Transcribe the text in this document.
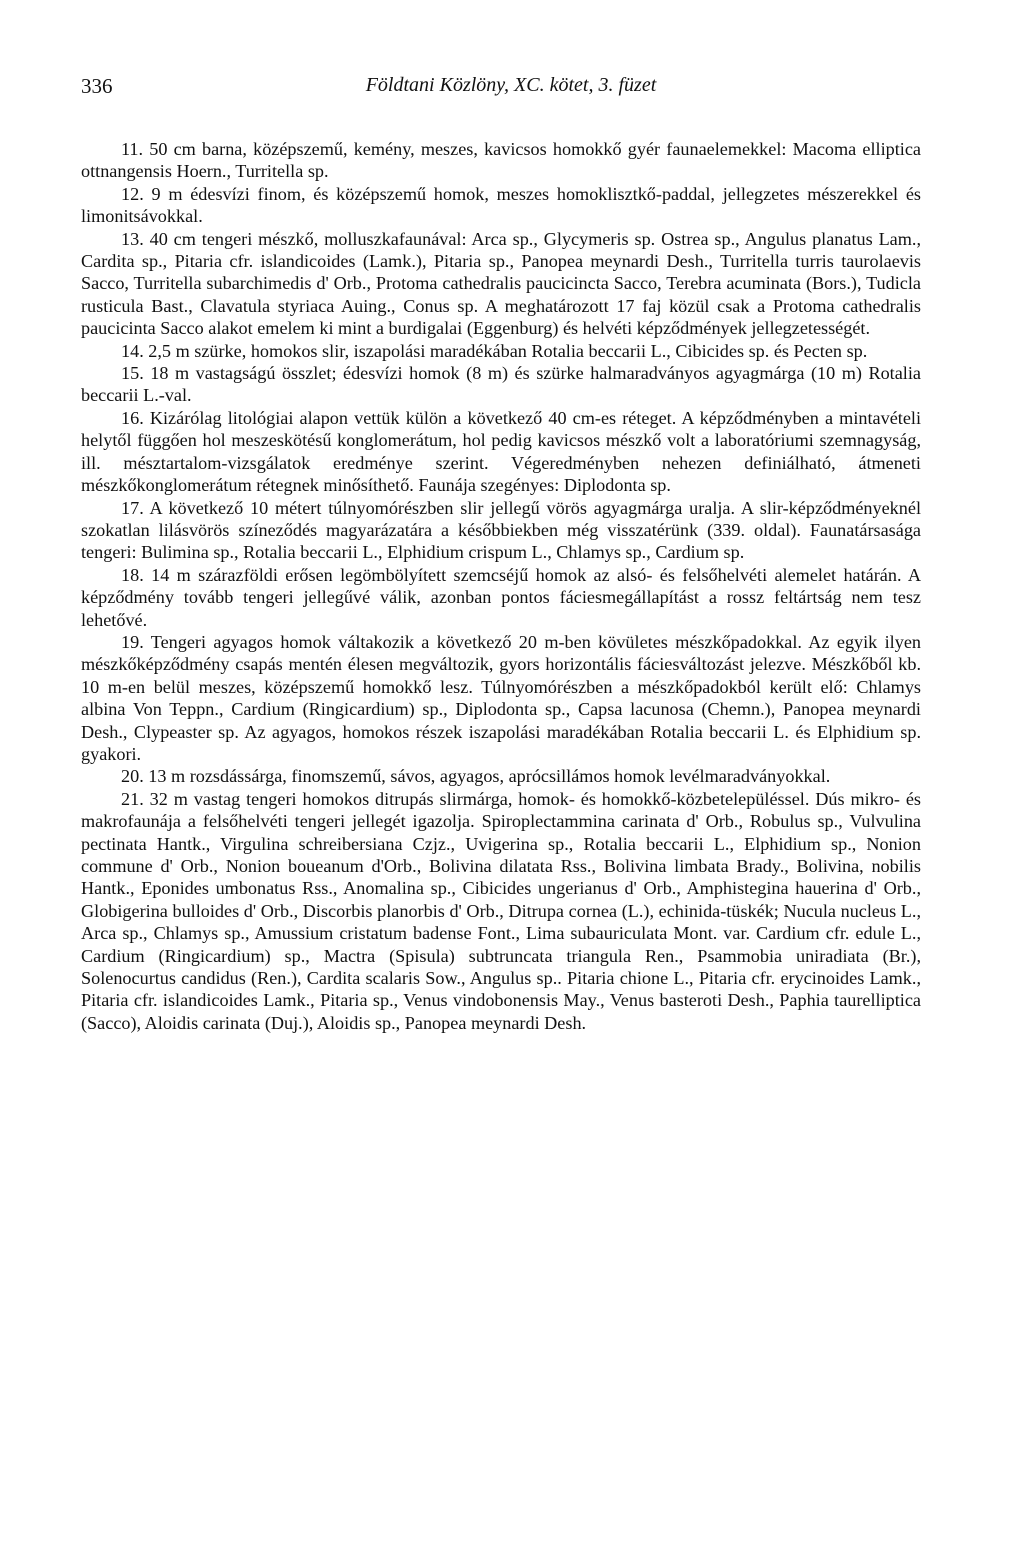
336	Földtani Közlöny, XC. kötet, 3. füzet

11. 50 cm barna, középszemű, kemény, meszes, kavicsos homokkő gyér faunaelemekkel: Macoma elliptica ottnangensis Hoern., Turritella sp.

12. 9 m édesvízi finom, és középszemű homok, meszes homoklisztkő-paddal, jellegzetes mészerekkel és limonitsávokkal.

13. 40 cm tengeri mészkő, molluszkafaunával: Arca sp., Glycymeris sp. Ostrea sp., Angulus planatus Lam., Cardita sp., Pitaria cfr. islandicoides (Lamk.), Pitaria sp., Panopea meynardi Desh., Turritella turris taurolaevis Sacco, Turritella subarchimedis d' Orb., Protoma cathedralis paucicincta Sacco, Terebra acuminata (Bors.), Tudicla rusticula Bast., Clavatula styriaca Auing., Conus sp. A meghatározott 17 faj közül csak a Protoma cathedralis paucicinta Sacco alakot emelem ki mint a burdigalai (Eggenburg) és helvéti képződmények jellegzetességét.

14. 2,5 m szürke, homokos slir, iszapolási maradékában Rotalia beccarii L., Cibicides sp. és Pecten sp.

15. 18 m vastagságú összlet; édesvízi homok (8 m) és szürke halmaradványos agyagmárga (10 m) Rotalia beccarii L.-val.

16. Kizárólag litológiai alapon vettük külön a következő 40 cm-es réteget. A képződményben a mintavételi helytől függően hol meszeskötésű konglomerátum, hol pedig kavicsos mészkő volt a laboratóriumi szemnagyság, ill. mésztartalom-vizsgálatok eredménye szerint. Végeredményben nehezen definiálható, átmeneti mészkőkonglomerátum rétegnek minősíthető. Faunája szegényes: Diplodonta sp.

17. A következő 10 métert túlnyomórészben slir jellegű vörös agyagmárga uralja. A slir-képződményeknél szokatlan lilásvörös színeződés magyarázatára a későbbiekben még visszatérünk (339. oldal). Faunatársasága tengeri: Bulimina sp., Rotalia beccarii L., Elphidium crispum L., Chlamys sp., Cardium sp.

18. 14 m szárazföldi erősen legömbölyített szemcséjű homok az alsó- és felsőhelvéti alemelet határán. A képződmény tovább tengeri jellegűvé válik, azonban pontos fáciesmegállapítást a rossz feltártság nem tesz lehetővé.

19. Tengeri agyagos homok váltakozik a következő 20 m-ben kövületes mészkőpadokkal. Az egyik ilyen mészkőképződmény csapás mentén élesen megváltozik, gyors horizontális fáciesváltozást jelezve. Mészkőből kb. 10 m-en belül meszes, középszemű homokkő lesz. Túlnyomórészben a mészkőpadokból került elő: Chlamys albina Von Teppn., Cardium (Ringicardium) sp., Diplodonta sp., Capsa lacunosa (Chemn.), Panopea meynardi Desh., Clypeaster sp. Az agyagos, homokos részek iszapolási maradékában Rotalia beccarii L. és Elphidium sp. gyakori.

20. 13 m rozsdássárga, finomszemű, sávos, agyagos, aprócsillámos homok levélmaradványokkal.

21. 32 m vastag tengeri homokos ditrupás slirmárga, homok- és homokkő-közbetelepüléssel. Dús mikro- és makrofaunája a felsőhelvéti tengeri jellegét igazolja. Spiroplectammina carinata d' Orb., Robulus sp., Vulvulina pectinata Hantk., Virgulina schreibersiana Czjz., Uvigerina sp., Rotalia beccarii L., Elphidium sp., Nonion commune d' Orb., Nonion boueanum d'Orb., Bolivina dilatata Rss., Bolivina limbata Brady., Bolivina, nobilis Hantk., Eponides umbonatus Rss., Anomalina sp., Cibicides ungerianus d' Orb., Amphistegina hauerina d' Orb., Globigerina bulloides d' Orb., Discorbis planorbis d' Orb., Ditrupa cornea (L.), echinida-tüskék; Nucula nucleus L., Arca sp., Chlamys sp., Amussium cristatum badense Font., Lima subauriculata Mont. var. Cardium cfr. edule L., Cardium (Ringicardium) sp., Mactra (Spisula) subtruncata triangula Ren., Psammobia uniradiata (Br.), Solenocurtus candidus (Ren.), Cardita scalaris Sow., Angulus sp.. Pitaria chione L., Pitaria cfr. erycinoides Lamk., Pitaria cfr. islandicoides Lamk., Pitaria sp., Venus vindobonensis May., Venus basteroti Desh., Paphia taurelliptica (Sacco), Aloidis carinata (Duj.), Aloidis sp., Panopea meynardi Desh.
